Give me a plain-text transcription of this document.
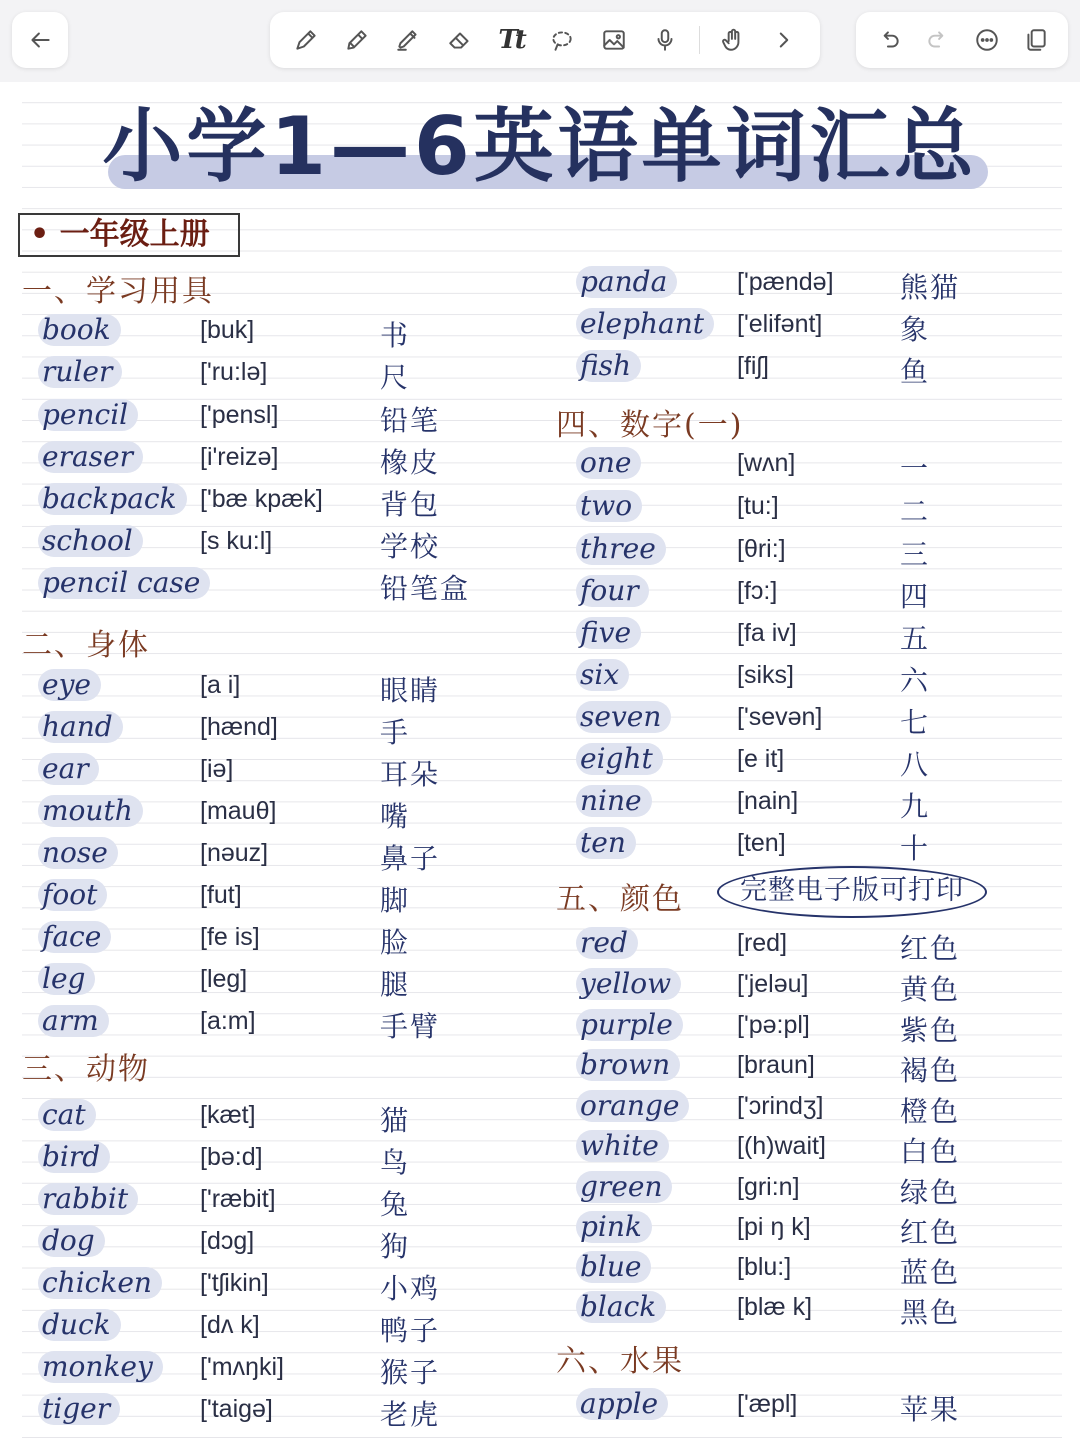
Tt
小学1—6英语单词汇总
• 一年级上册
一、学习用具
二、身体
三、动物
四、数字(一)
五、颜色
六、水果
完整电子版可打印
book	[buk]	书
ruler	['ru:lə]	尺
pencil	['pensl]	铅笔
eraser	[i'reizə]	橡皮
backpack ['bæ kpæk] 背包
school	[s ku:l]	学校
pencil case	铅笔盒
eye	[a i]	眼睛
hand	[hænd]	手
ear	[iə]	耳朵
mouth	[mauθ]	嘴
nose	[nəuz]	鼻子
foot	[fut]	脚
face	[fe is]	脸
leg	[leg]	腿
arm	[a:m]	手臂
cat	[kæt]	猫
bird	[bə:d]	鸟
rabbit	['ræbit]	兔
dog	[dɔg]	狗
chicken	['tʃikin]	小鸡
duck	[dʌ k]	鸭子
monkey	['mʌŋki]	猴子
tiger	['taigə]	老虎
panda	['pændə] 熊猫
elephant	['elifənt]	象
fish	[fiʃ]	鱼
one	[wʌn]	一
two	[tu:]	二
three	[θri:]	三
four	[fɔ:]	四
five	[fa iv]	五
six	[siks]	六
seven	['sevən]	七
eight	[e it]	八
nine	[nain]	九
ten	[ten]	十
red	[red]	红色
yellow	['jeləu]	黄色
purple	['pə:pl]	紫色
brown	[braun]	褐色
orange	['ɔrindʒ]	橙色
white	[(h)wait]	白色
green	[gri:n]	绿色
pink	[pi ŋ k]	红色
blue	[blu:]	蓝色
black	[blæ k]	黑色
apple	['æpl]	苹果
